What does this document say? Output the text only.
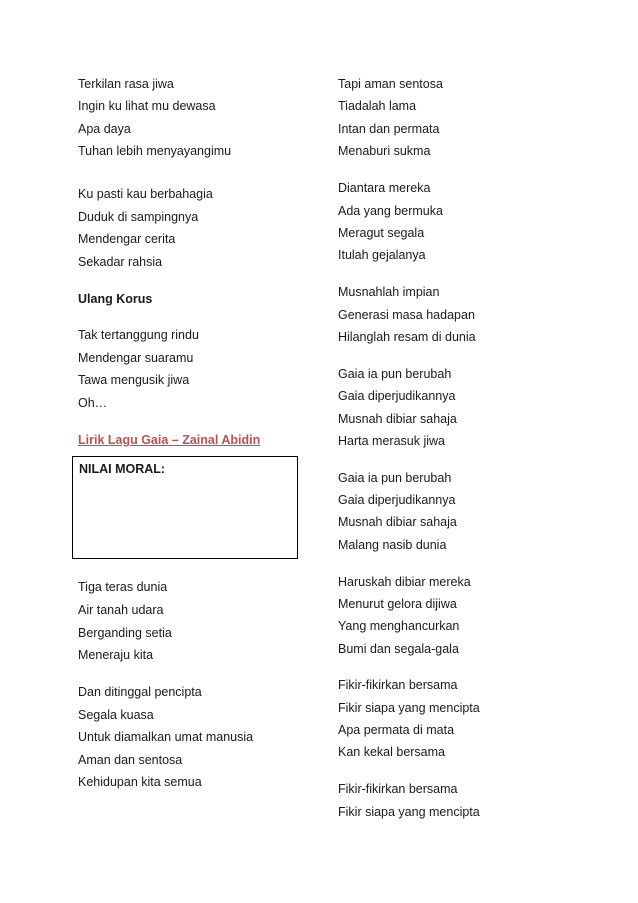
Terkilan rasa jiwa
Ingin ku lihat mu dewasa
Apa daya
Tuhan lebih menyayangimu
Ku pasti kau berbahagia
Duduk di sampingnya
Mendengar cerita
Sekadar rahsia
Ulang Korus
Tak tertanggung rindu
Mendengar suaramu
Tawa mengusik jiwa
Oh…
Lirik Lagu Gaia – Zainal Abidin
NILAI MORAL:
Tiga teras dunia
Air tanah udara
Berganding setia
Meneraju kita
Dan ditinggal pencipta
Segala kuasa
Untuk diamalkan umat manusia
Aman dan sentosa
Kehidupan kita semua
Tapi aman sentosa
Tiadalah lama
Intan dan permata
Menaburi sukma
Diantara mereka
Ada yang bermuka
Meragut segala
Itulah gejalanya
Musnahlah impian
Generasi masa hadapan
Hilanglah resam di dunia
Gaia ia pun berubah
Gaia diperjudikannya
Musnah dibiar sahaja
Harta merasuk jiwa
Gaia ia pun berubah
Gaia diperjudikannya
Musnah dibiar sahaja
Malang nasib dunia
Haruskah dibiar mereka
Menurut gelora dijiwa
Yang menghancurkan
Bumi dan segala-gala
Fikir-fikirkan bersama
Fikir siapa yang mencipta
Apa permata di mata
Kan kekal bersama
Fikir-fikirkan bersama
Fikir siapa yang mencipta
